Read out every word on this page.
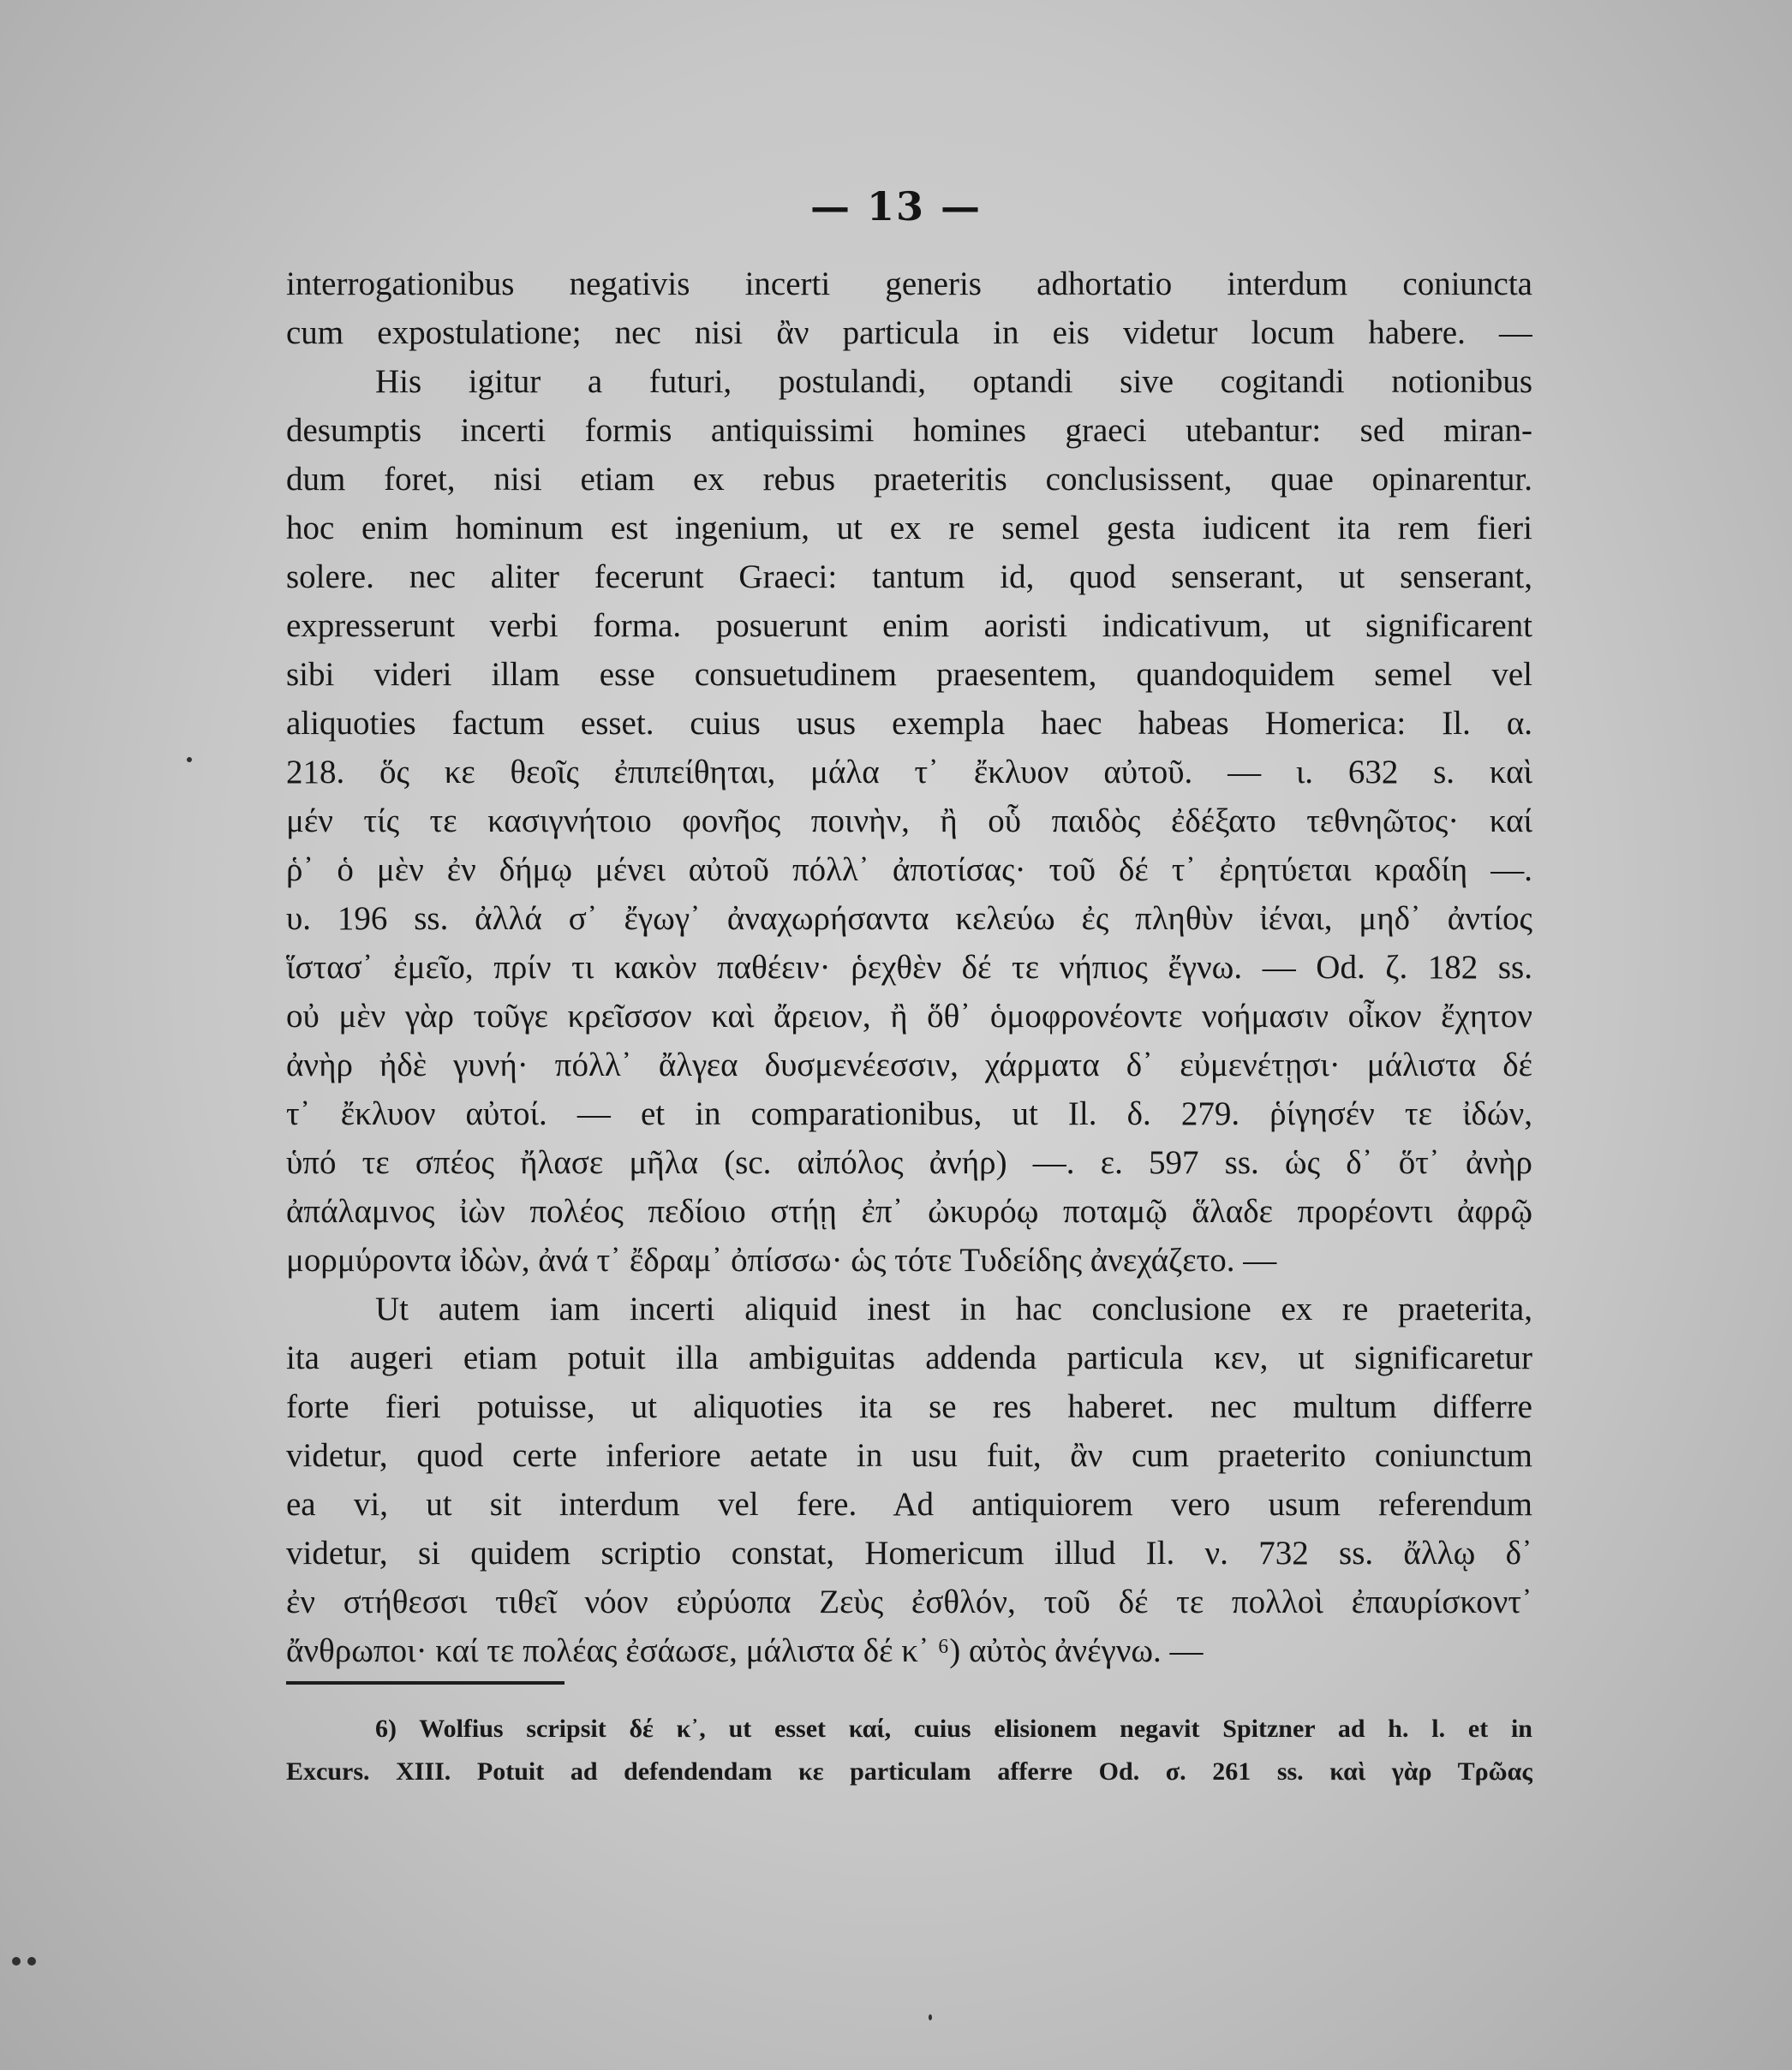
— 13 —
interrogationibus negativis incerti generis adhortatio interdum coniuncta
cum expostulatione; nec nisi ἂν particula in eis videtur locum habere. —
His igitur a futuri, postulandi, optandi sive cogitandi notionibus
desumptis incerti formis antiquissimi homines graeci utebantur: sed miran-
dum foret, nisi etiam ex rebus praeteritis conclusissent, quae opinarentur.
hoc enim hominum est ingenium, ut ex re semel gesta iudicent ita rem fieri
solere. nec aliter fecerunt Graeci: tantum id, quod senserant, ut senserant,
expresserunt verbi forma. posuerunt enim aoristi indicativum, ut significarent
sibi videri illam esse consuetudinem praesentem, quandoquidem semel vel
aliquoties factum esset. cuius usus exempla haec habeas Homerica: Il. α.
218. ὅς κε θεοῖς ἐπιπείθηται, μάλα τ᾽ ἔκλυον αὐτοῦ. — ι. 632 s. καὶ
μέν τίς τε κασιγνήτοιο φονῆος ποινὴν, ἢ οὗ παιδὸς ἐδέξατο τεθνηῶτος· καί
ῥ᾽ ὁ μὲν ἐν δήμῳ μένει αὐτοῦ πόλλ᾽ ἀποτίσας· τοῦ δέ τ᾽ ἐρητύεται κραδίη —.
υ. 196 ss. ἀλλά σ᾽ ἔγωγ᾽ ἀναχωρήσαντα κελεύω ἐς πληθὺν ἰέναι, μηδ᾽ ἀντίος
ἵστασ᾽ ἐμεῖο, πρίν τι κακὸν παθέειν· ῥεχθὲν δέ τε νήπιος ἔγνω. — Od. ζ. 182 ss.
οὐ μὲν γὰρ τοῦγε κρεῖσσον καὶ ἄρειον, ἢ ὅθ᾽ ὁμοφρονέοντε νοήμασιν οἶκον ἔχητον
ἀνὴρ ἠδὲ γυνή· πόλλ᾽ ἄλγεα δυσμενέεσσιν, χάρματα δ᾽ εὐμενέτῃσι· μάλιστα δέ
τ᾽ ἔκλυον αὐτοί. — et in comparationibus, ut Il. δ. 279. ῥίγησέν τε ἰδών,
ὑπό τε σπέος ἤλασε μῆλα (sc. αἰπόλος ἀνήρ) —. ε. 597 ss. ὡς δ᾽ ὅτ᾽ ἀνὴρ
ἀπάλαμνος ἰὼν πολέος πεδίοιο στήῃ ἐπ᾽ ὠκυρόῳ ποταμῷ ἅλαδε προρέοντι ἀφρῷ
μορμύροντα ἰδὼν, ἀνά τ᾽ ἔδραμ᾽ ὀπίσσω· ὡς τότε Τυδείδης ἀνεχάζετο. —
Ut autem iam incerti aliquid inest in hac conclusione ex re praeterita,
ita augeri etiam potuit illa ambiguitas addenda particula κεν, ut significaretur
forte fieri potuisse, ut aliquoties ita se res haberet. nec multum differre
videtur, quod certe inferiore aetate in usu fuit, ἂν cum praeterito coniunctum
ea vi, ut sit interdum vel fere. Ad antiquiorem vero usum referendum
videtur, si quidem scriptio constat, Homericum illud Il. ν. 732 ss. ἄλλῳ δ᾽
ἐν στήθεσσι τιθεῖ νόον εὐρύοπα Ζεὺς ἐσθλόν, τοῦ δέ τε πολλοὶ ἐπαυρίσκοντ᾽
ἄνθρωποι· καί τε πολέας ἐσάωσε, μάλιστα δέ κ᾽ ⁶) αὐτὸς ἀνέγνω. —
6) Wolfius scripsit δέ κ᾽, ut esset καί, cuius elisionem negavit Spitzner ad h. l. et in
Excurs. XIII. Potuit ad defendendam κε particulam afferre Od. σ. 261 ss. καὶ γὰρ Τρῶας
